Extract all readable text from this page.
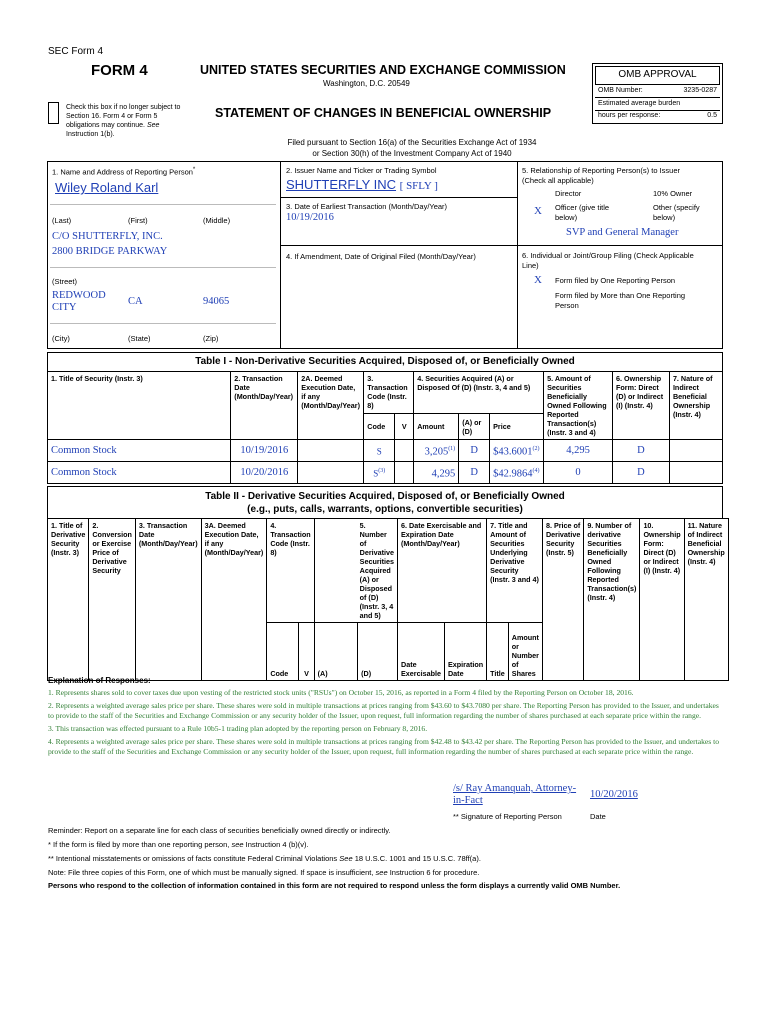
SEC Form 4
FORM 4	UNITED STATES SECURITIES AND EXCHANGE COMMISSION
Washington, D.C. 20549
Check this box if no longer subject to
Section 16. Form 4 or Form 5
obligations may continue. See
Instruction 1(b).
STATEMENT OF CHANGES IN BENEFICIAL OWNERSHIP
Filed pursuant to Section 16(a) of the Securities Exchange Act of 1934
or Section 30(h) of the Investment Company Act of 1940
OMB APPROVAL
OMB Number:	3235-0287
Estimated average burden
hours per response:	0.5
1. Name and Address of Reporting Person*
Wiley Roland Karl
(Last)	(First)	(Middle)
C/O SHUTTERFLY, INC.
2800 BRIDGE PARKWAY
(Street)
REDWOOD
CITY
CA	94065
(City)	(State)	(Zip)
2. Issuer Name and Ticker or Trading Symbol
SHUTTERFLY INC [ SFLY ]
3. Date of Earliest Transaction (Month/Day/Year)
10/19/2016
4. If Amendment, Date of Original Filed (Month/Day/Year)
5. Relationship of Reporting Person(s) to Issuer
(Check all applicable)
Director	10% Owner
X Officer (give title
below)
Other (specify
below)
SVP and General Manager
6. Individual or Joint/Group Filing (Check Applicable
Line)
X Form filed by One Reporting Person
Form filed by More than One Reporting
Person
Table I - Non-Derivative Securities Acquired, Disposed of, or Beneficially Owned
1. Title of Security (Instr. 3)	2. Transaction Date (Month/Day/Year)	2A. Deemed Execution Date, if any (Month/Day/Year)	3. Transaction Code (Instr. 8)		4. Securities Acquired (A) or Disposed Of (D) (Instr. 3, 4 and 5)			5. Amount of Securities Beneficially Owned Following Reported Transaction(s) (Instr. 3 and 4)	6. Ownership Form: Direct (D) or Indirect (I) (Instr. 4)	7. Nature of Indirect Beneficial Ownership (Instr. 4)
			Code	V	Amount	(A) or (D)	Price			
Common Stock	10/19/2016		S		3,205$^{(1)}$	D	$43.6001$^{(2)}$	4,295	D	
Common Stock	10/20/2016		$S^{(3)}$		4,295	D	$42.9864$^{(4)}$	0	D	
Table II - Derivative Securities Acquired, Disposed of, or Beneficially Owned
(e.g., puts, calls, warrants, options, convertible securities)
1. Title of Derivative Security (Instr. 3)	2. Conversion or Exercise Price of Derivative Security	3. Transaction Date (Month/Day/Year)	3A. Deemed Execution Date, if any (Month/Day/Year)	4. Transaction Code (Instr. 8)		5. Number of Derivative Securities Acquired (A) or Disposed of (D) (Instr. 3, 4 and 5)		6. Date Exercisable and Expiration Date (Month/Day/Year)		7. Title and Amount of Securities Underlying Derivative Security (Instr. 3 and 4)		8. Price of Derivative Security (Instr. 5)	9. Number of derivative Securities Beneficially Owned Following Reported Transaction(s) (Instr. 4)	10. Ownership Form: Direct (D) or Indirect (I) (Instr. 4)	11. Nature of Indirect Beneficial Ownership (Instr. 4)
				Code	V	(A)	(D)	Date Exercisable	Expiration Date	Title	Amount or Number of Shares				
Explanation of Responses:
1. Represents shares sold to cover taxes due upon vesting of the restricted stock units ("RSUs") on October 15, 2016, as reported in a Form 4 filed by the Reporting Person on October 18, 2016.
2. Represents a weighted average sales price per share. These shares were sold in multiple transactions at prices ranging from $43.60 to $43.7080 per share. The Reporting Person has provided to the Issuer, and undertakes to provide to the staff of the Securities and Exchange Commission or any security holder of the Issuer, upon request, full information regarding the number of shares purchased at each separate price within the range.
3. This transaction was effected pursuant to a Rule 10b5-1 trading plan adopted by the reporting person on February 8, 2016.
4. Represents a weighted average sales price per share. These shares were sold in multiple transactions at prices ranging from $42.48 to $43.42 per share. The Reporting Person has provided to the Issuer, and undertakes to provide to the staff of the Securities and Exchange Commission or any security holder of the Issuer, upon request, full information regarding the number of shares purchased at each separate price within the range.
/s/ Ray Amanquah, Attorney-
in-Fact
10/20/2016
** Signature of Reporting Person	Date
Reminder: Report on a separate line for each class of securities beneficially owned directly or indirectly.
* If the form is filed by more than one reporting person, see Instruction 4 (b)(v).
** Intentional misstatements or omissions of facts constitute Federal Criminal Violations See 18 U.S.C. 1001 and 15 U.S.C. 78ff(a).
Note: File three copies of this Form, one of which must be manually signed. If space is insufficient, see Instruction 6 for procedure.
Persons who respond to the collection of information contained in this form are not required to respond unless the form displays a currently valid OMB Number.
